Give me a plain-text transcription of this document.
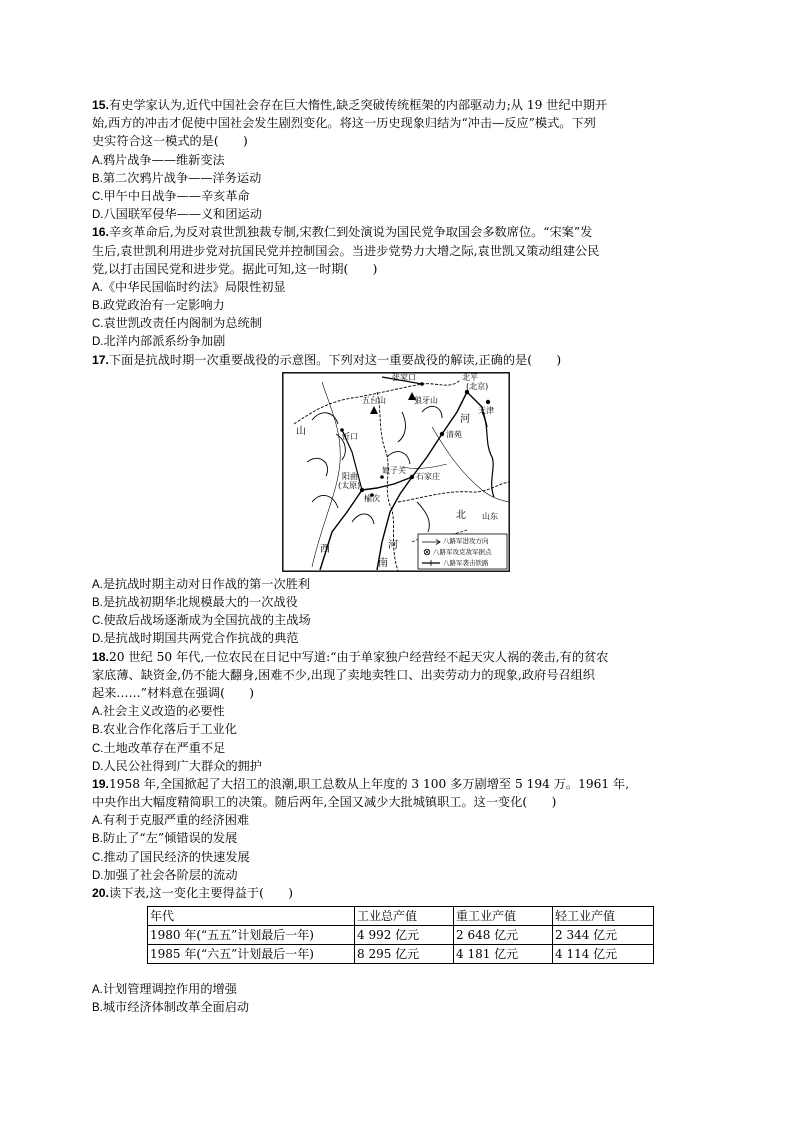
15.有史学家认为,近代中国社会存在巨大惰性,缺乏突破传统框架的内部驱动力;从 19 世纪中期开
始,西方的冲击才促使中国社会发生剧烈变化。将这一历史现象归结为“冲击—反应”模式。下列
史实符合这一模式的是(　　)
A.鸦片战争——维新变法
B.第二次鸦片战争——洋务运动
C.甲午中日战争——辛亥革命
D.八国联军侵华——义和团运动
16.辛亥革命后,为反对袁世凯独裁专制,宋教仁到处演说为国民党争取国会多数席位。“宋案”发
生后,袁世凯利用进步党对抗国民党并控制国会。当进步党势力大增之际,袁世凯又策动组建公民
党,以打击国民党和进步党。据此可知,这一时期(　　)
A.《中华民国临时约法》局限性初显
B.政党政治有一定影响力
C.袁世凯改责任内阁制为总统制
D.北洋内部派系纷争加剧
17.下面是抗战时期一次重要战役的示意图。下列对这一重要战役的解读,正确的是(　　)
张家口	北平
(北京)
五台山	狼牙山
天津
忻口	清苑
阳曲
(太原)
娘子关
石家庄
榆次
山
西
河
河
北
南
山东
八路军进攻方向
八路军攻克敌军据点
八路军袭击铁路
A.是抗战时期主动对日作战的第一次胜利
B.是抗战初期华北规模最大的一次战役
C.使敌后战场逐渐成为全国抗战的主战场
D.是抗战时期国共两党合作抗战的典范
18.20 世纪 50 年代,一位农民在日记中写道:“由于单家独户经营经不起天灾人祸的袭击,有的贫农
家底薄、缺资金,仍不能大翻身,困难不少,出现了卖地卖牲口、出卖劳动力的现象,政府号召组织
起来……”材料意在强调(　　)
A.社会主义改造的必要性
B.农业合作化落后于工业化
C.土地改革存在严重不足
D.人民公社得到广大群众的拥护
19.1958 年,全国掀起了大招工的浪潮,职工总数从上年度的 3 100 多万剧增至 5 194 万。1961 年,
中央作出大幅度精简职工的决策。随后两年,全国又减少大批城镇职工。这一变化(　　)
A.有利于克服严重的经济困难
B.防止了“左”倾错误的发展
C.推动了国民经济的快速发展
D.加强了社会各阶层的流动
20.读下表,这一变化主要得益于(　　)
年代	工业总产值	重工业产值	轻工业产值
1980 年(“五五”计划最后一年)	4 992 亿元	2 648 亿元	2 344 亿元
1985 年(“六五”计划最后一年)	8 295 亿元	4 181 亿元	4 114 亿元
A.计划管理调控作用的增强
B.城市经济体制改革全面启动
